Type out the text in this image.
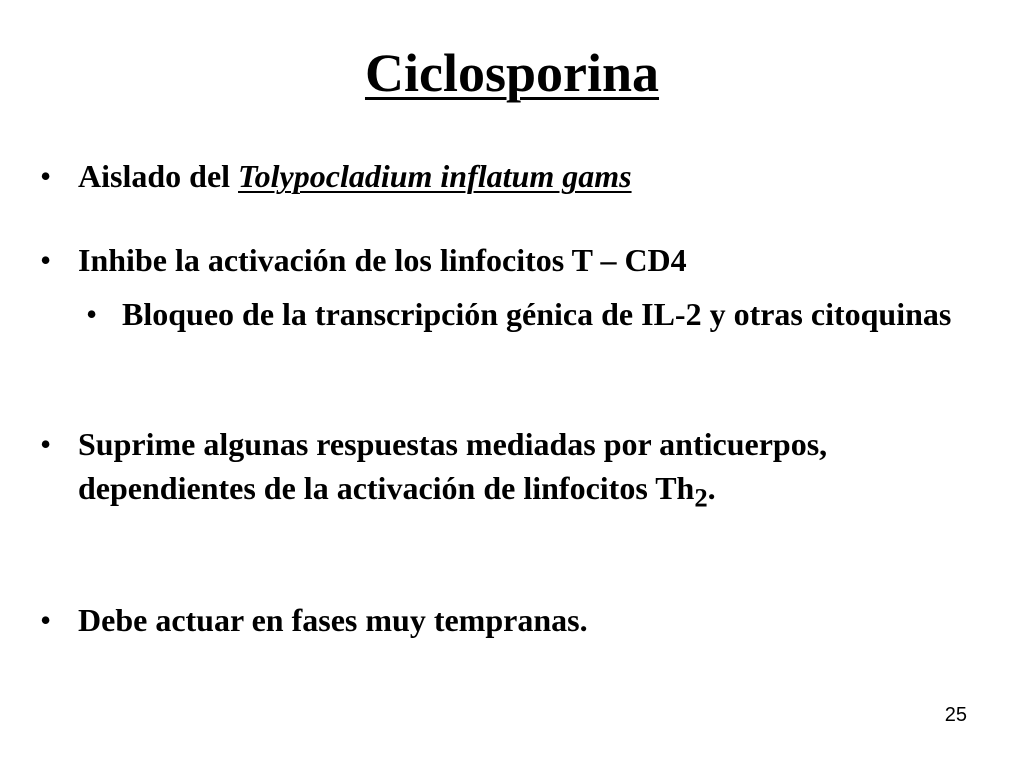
Ciclosporina
• Aislado del Tolypocladium inflatum gams
• Inhibe la activación de los linfocitos T – CD4
• Bloqueo de la transcripción génica de IL-2 y otras citoquinas
• Suprime algunas respuestas mediadas por anticuerpos, dependientes de la activación de linfocitos $Th_2$.
• Debe actuar en fases muy tempranas.
25
